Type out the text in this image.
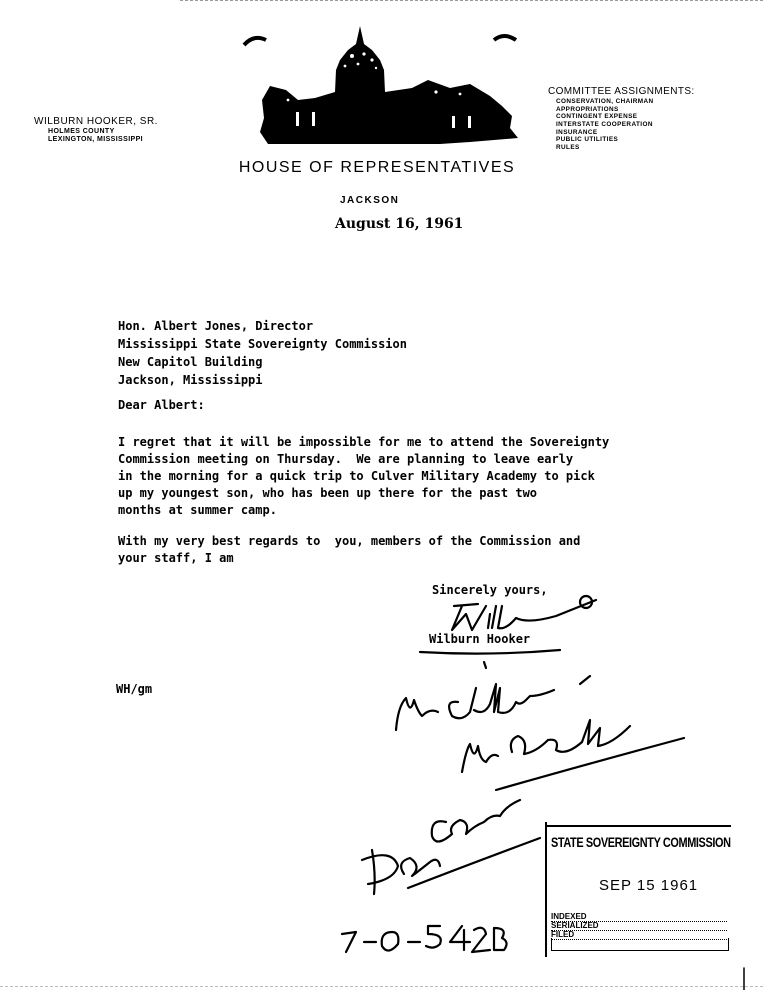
WILBURN HOOKER, SR.
HOLMES COUNTY
LEXINGTON, MISSISSIPPI
HOUSE OF REPRESENTATIVES
JACKSON
COMMITTEE ASSIGNMENTS:
CONSERVATION, CHAIRMAN
APPROPRIATIONS
CONTINGENT EXPENSE
INTERSTATE COOPERATION
INSURANCE
PUBLIC UTILITIES
RULES
August 16, 1961
Hon. Albert Jones, Director
Mississippi State Sovereignty Commission
New Capitol Building
Jackson, Mississippi
Dear Albert:
I regret that it will be impossible for me to attend the Sovereignty
Commission meeting on Thursday.  We are planning to leave early
in the morning for a quick trip to Culver Military Academy to pick
up my youngest son, who has been up there for the past two
months at summer camp.
With my very best regards to  you, members of the Commission and
your staff, I am
Sincerely yours,
Wilburn Hooker
WH/gm
STATE SOVEREIGNTY COMMISSION
SEP 15 1961
INDEXED
SERIALIZED
FILED
